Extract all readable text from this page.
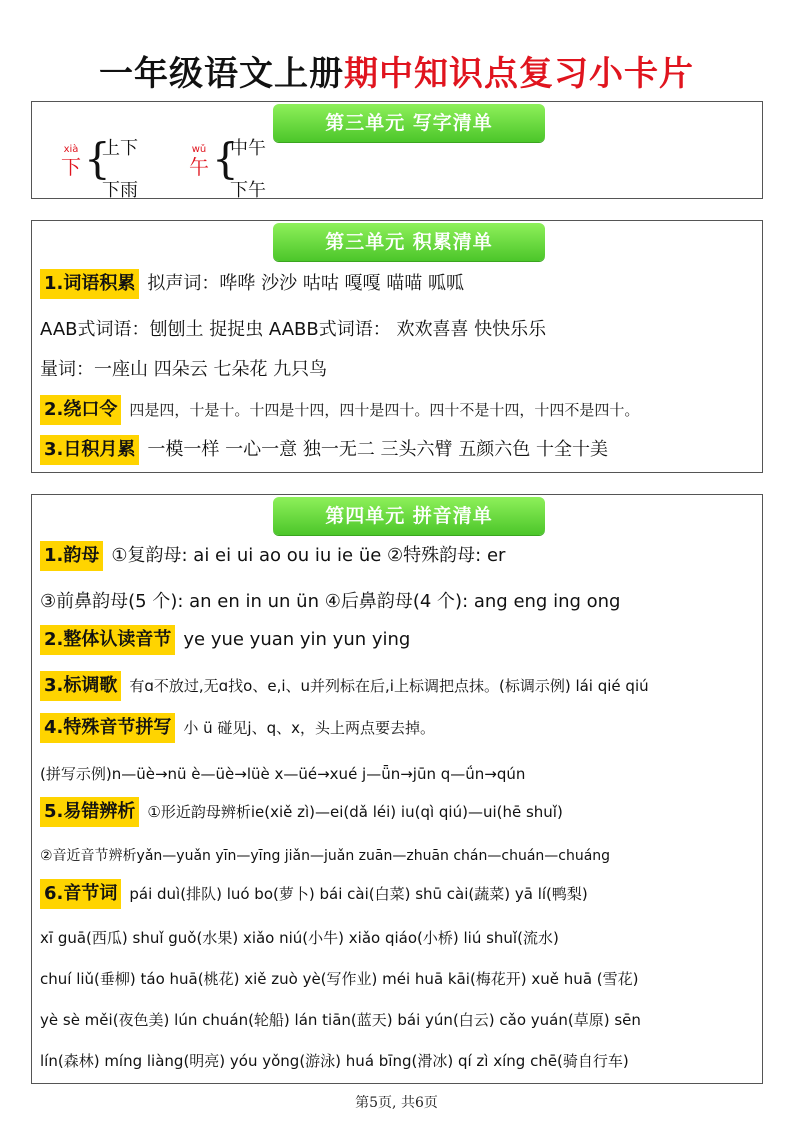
一年级语文上册期中知识点复习小卡片
第三单元 写字清单
xià
下 {
上下
下雨
wǔ
午 {
中午
下午
第三单元 积累清单
1.词语积累 拟声词：哗哗 沙沙 咕咕 嘎嘎 喵喵 呱呱
AAB式词语：刨刨土 捉捉虫 AABB式词语： 欢欢喜喜 快快乐乐
量词：一座山 四朵云 七朵花 九只鸟
2.绕口令 四是四，十是十。十四是十四，四十是四十。四十不是十四，十四不是四十。
3.日积月累 一模一样 一心一意 独一无二 三头六臂 五颜六色 十全十美
第四单元 拼音清单
1.韵母 ①复韵母: ai ei ui ao ou iu ie üe ②特殊韵母: er
③前鼻韵母(5 个): an en in un ün ④后鼻韵母(4 个): ang eng ing ong
2.整体认读音节 ye yue yuan yin yun ying
3.标调歌 有ɑ不放过,无ɑ找o、e,i、u并列标在后,i上标调把点抹。(标调示例) lái qié qiú
4.特殊音节拼写 小 ü 碰见j、q、x，头上两点要去掉。
(拼写示例)n—üè→nü è—üè→lüè x—üé→xué j—ǖn→jūn q—ǘn→qún
5.易错辨析 ①形近韵母辨析ie(xiě zì)—ei(dǎ léi) iu(qì qiú)—ui(hē shuǐ)
②音近音节辨析yǎn—yuǎn yīn—yīng jiǎn—juǎn zuān—zhuān chán—chuán—chuáng
6.音节词 pái duì(排队) luó bo(萝卜) bái cài(白菜) shū cài(蔬菜) yā lí(鸭梨)
xī guā(西瓜) shuǐ guǒ(水果) xiǎo niú(小牛) xiǎo qiáo(小桥) liú shuǐ(流水)
chuí liǔ(垂柳) táo huā(桃花) xiě zuò yè(写作业) méi huā kāi(梅花开) xuě huā (雪花)
yè sè měi(夜色美) lún chuán(轮船) lán tiān(蓝天) bái yún(白云) cǎo yuán(草原) sēn
lín(森林) míng liàng(明亮) yóu yǒng(游泳) huá bīng(滑冰) qí zì xíng chē(骑自行车)
第5页, 共6页
